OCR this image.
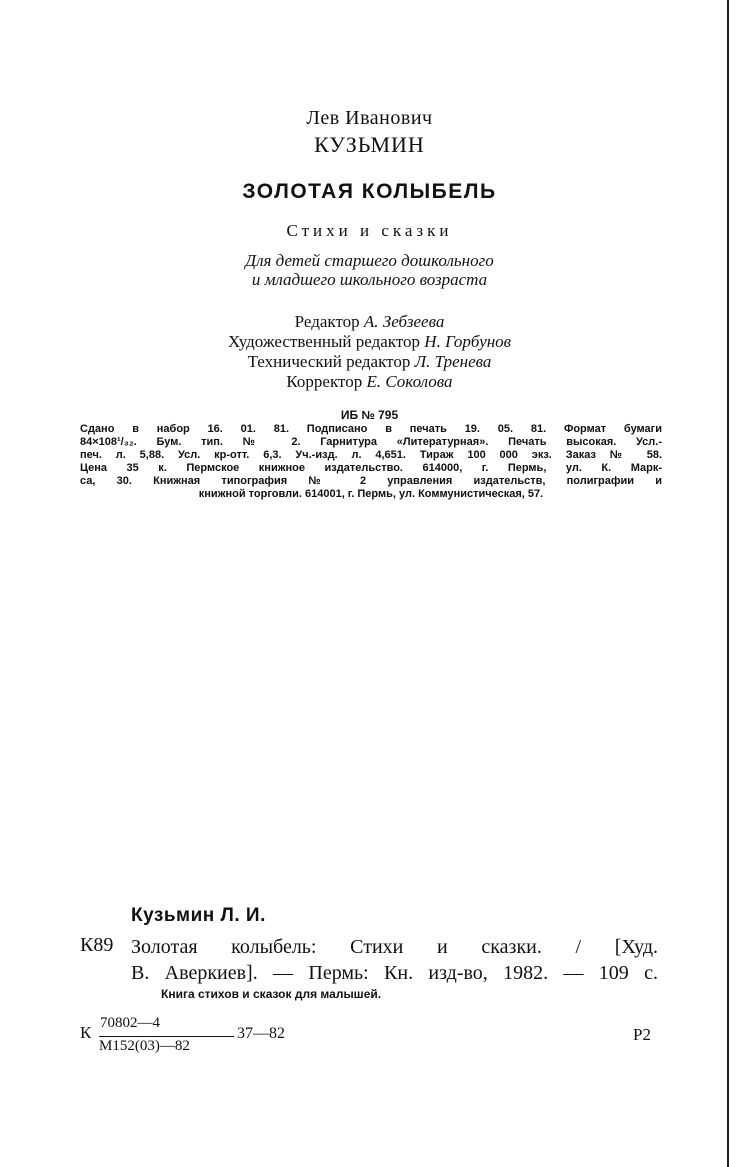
Лев Иванович
КУЗЬМИН
ЗОЛОТАЯ КОЛЫБЕЛЬ
Стихи и сказки
Для детей старшего дошкольного
и младшего школьного возраста
Редактор А. Зебзеева
Художественный редактор Н. Горбунов
Технический редактор Л. Тренева
Корректор Е. Соколова
ИБ № 795
Сдано в набор 16. 01. 81. Подписано в печать 19. 05. 81. Формат бумаги
84×108¹/₃₂. Бум. тип. № 2. Гарнитура «Литературная». Печать высокая. Усл.-
печ. л. 5,88. Усл. кр-отт. 6,3. Уч.-изд. л. 4,651. Тираж 100 000 экз. Заказ № 58.
Цена 35 к. Пермское книжное издательство. 614000, г. Пермь, ул. К. Марк-
са, 30. Книжная типография № 2 управления издательств, полиграфии и
книжной торговли. 614001, г. Пермь, ул. Коммунистическая, 57.
Кузьмин Л. И.
К89 Золотая колыбель: Стихи и сказки. / [Худ.
В. Аверкиев]. — Пермь: Кн. изд-во, 1982. — 109 с.
Книга стихов и сказок для малышей.
К 70802—4
М152(03)—82
37—82	Р2
